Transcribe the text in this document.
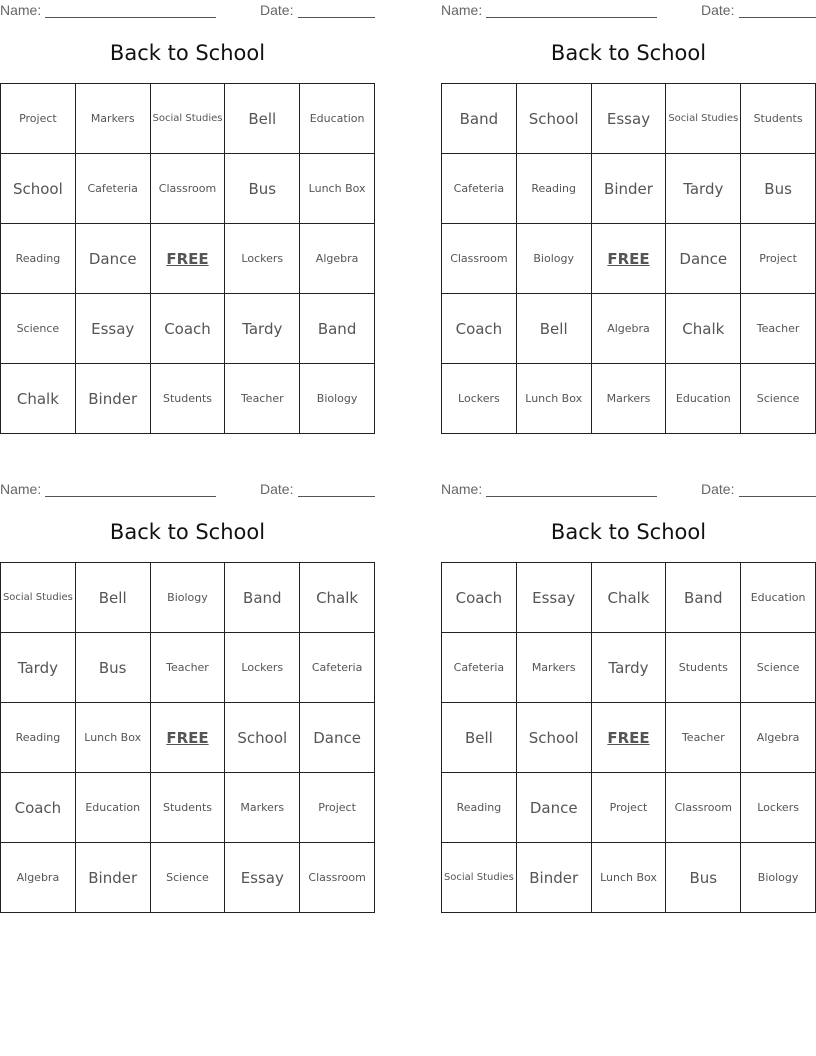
Name:	Date:
Back to School
Project	Markers	Social Studies	Bell	Education
School	Cafeteria	Classroom	Bus	Lunch Box
Reading	Dance	FREE	Lockers	Algebra
Science	Essay	Coach	Tardy	Band
Chalk	Binder	Students	Teacher	Biology
Name:	Date:
Back to School
Band	School	Essay	Social Studies	Students
Cafeteria	Reading	Binder	Tardy	Bus
Classroom	Biology	FREE	Dance	Project
Coach	Bell	Algebra	Chalk	Teacher
Lockers	Lunch Box	Markers	Education	Science
Name:	Date:
Back to School
Social Studies	Bell	Biology	Band	Chalk
Tardy	Bus	Teacher	Lockers	Cafeteria
Reading	Lunch Box	FREE	School	Dance
Coach	Education	Students	Markers	Project
Algebra	Binder	Science	Essay	Classroom
Name:	Date:
Back to School
Coach	Essay	Chalk	Band	Education
Cafeteria	Markers	Tardy	Students	Science
Bell	School	FREE	Teacher	Algebra
Reading	Dance	Project	Classroom	Lockers
Social Studies	Binder	Lunch Box	Bus	Biology
